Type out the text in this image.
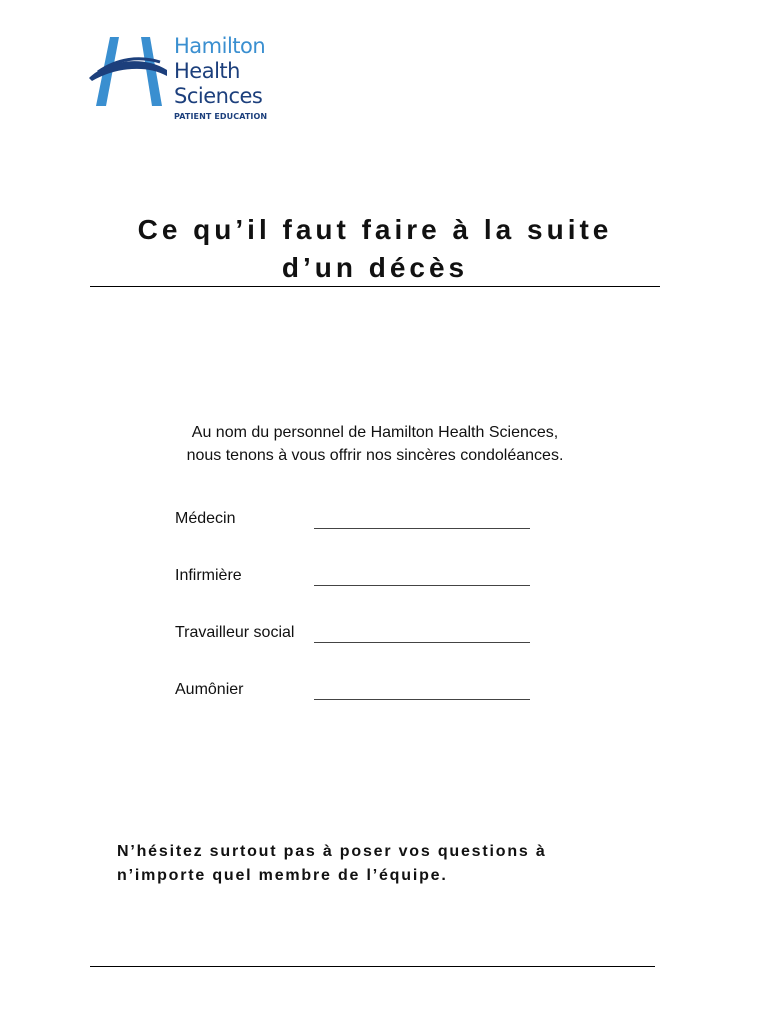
Hamilton
Health
Sciences
PATIENT EDUCATION
Ce qu’il faut faire à la suite
d’un décès

Au nom du personnel de Hamilton Health Sciences,
nous tenons à vous offrir nos sincères condoléances.

Médecin
Infirmière
Travailleur social
Aumônier

N’hésitez surtout pas à poser vos questions à
n’importe quel membre de l’équipe.
